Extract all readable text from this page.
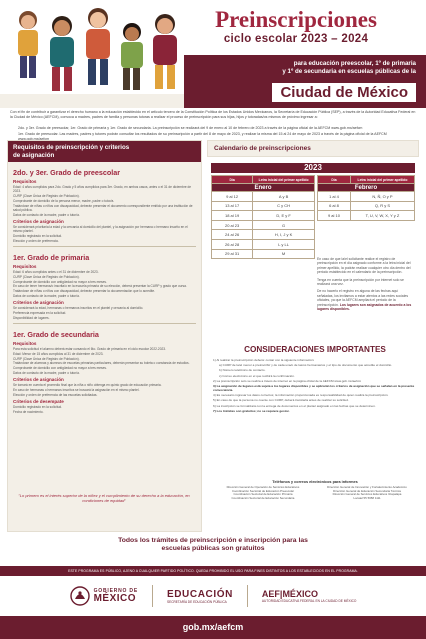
Preinscripciones
ciclo escolar 2023 – 2024
para educación preescolar, 1º de primaria
y 1º de secundaria en escuelas públicas de la
Ciudad de México
Con el fin de contribuir a garantizar el derecho humano a la educación establecido en el artículo tercero de la Constitución Política de los Estados Unidos Mexicanos, la Secretaría de Educación Pública (SEP), a través de la Autoridad Educativa Federal en la Ciudad de México (AEFCM), convoca a madres, padres de familia y personas tutoras a realizar el proceso de preinscripción para sus hijas, hijos y tutoradas/os mismos de próximo ingresar a:
2do. y 3er. Grado de preescolar, 1er. Grado de primaria y 1er. Grado de secundaria. La preinscripción se realizará del 9 de enero al 10 de febrero de 2023 a través de la página oficial de la AEFCM www.gob.mx/aefcm
1er. Grado de preescolar. Las madres, padres y tutores podrán consultar los resultados de su preinscripción a partir del 8 de mayo de 2023, y realizar la misma del 15 al 24 de mayo de 2023 a través de la página oficial de la AEFCM www.gob.mx/aefcm
Requisitos de preinscripción y criterios
de asignación
2do. y 3er. Grado de preescolar
Requisitos
Edad: 4 años cumplidos para 2do. Grado y 5 años cumplidos para 3er. Grado, en ambos casos, antes o el 31 de diciembre de 2023.
CURP (Clave Única de Registro de Población).
Comprobante de domicilio de la persona menor, madre, padre o tutor/a.
Tratándose de niñas o niños con discapacidad, deberán presentar el documento correspondiente emitido por una institución de salud pública.
Datos de contacto de la madre, padre o tutor/a.
Criterios de asignación
Se considerará prioritaria la edad y la cercanía al domicilio del plantel, y la asignación por hermana o hermano inscrito en el mismo plantel.
Domicilio registrado en la solicitud.
Elección y orden de preferencia.
1er. Grado de primaria
Requisitos
Edad: 6 años cumplidos antes o el 31 de diciembre de 2023.
CURP (Clave Única de Registro de Población).
Comprobante de domicilio con antigüedad no mayor a tres meses.
En caso de tener hermana/o inscrita/o en la escuela primaria de su elección, deberá presentar la CURP y grado que cursa.
Tratándose de niñas o niños con discapacidad, deberán presentar la documentación que lo acredite.
Datos de contacto de la madre, padre o tutor/a.
Criterios de asignación
Se considerará la edad, hermanas o hermanos inscritos en el plantel y cercanía al domicilio.
Preferencia expresada en la solicitud.
Disponibilidad de lugares.
1er. Grado de secundaria
Requisitos
Para esta solicitud el alumno deberá estar cursando el 6to. Grado de primaria en el ciclo escolar 2022-2023.
Edad: Menor de 15 años cumplidos al 31 de diciembre de 2023.
CURP (Clave Única de Registro de Población).
Tratándose de alumnas y alumnos de escuelas primarias particulares, deberán presentar su boleta o constancia de estudios.
Comprobante de domicilio con antigüedad no mayor a tres meses.
Datos de contacto de la madre, padre o tutor/a.
Criterios de asignación
Se tomará en cuenta el promedio final que la niña o niño obtenga en quinto grado de educación primaria.
En caso de hermanas o hermanos inscritos se buscará la asignación en el mismo plantel.
Elección y orden de preferencia de las escuelas solicitadas.
Criterios de desempate
Domicilio registrado en la solicitud.
Fecha de nacimiento.
Calendario de preinscripciones
2023
Día	Letra inicial del primer apellido
Enero	
9 al 12	A y B
13 al 17	C y CH
18 al 19	D, E y F
20 al 23	G
24 al 26	H, I, J y K
26 al 28	L y LL
29 al 31	M
Día	Letra inicial del primer apellido
Febrero	
1 al 4	N, Ñ, O y P
6 al 8	Q, R y S
9 al 10	T, U, V, W, X, Y y Z
En caso de que la/el solicitante realice el registro de preinscripción en el día asignado conforme a la letra inicial del primer apellido, la podrán realizar cualquier otro día dentro del periodo establecido en el calendario de la preinscripción.
Tenga en cuenta que la preinscripción por internet solo se realizará una vez.
De no hacerlo el registro en alguna de las fechas aquí señaladas, los invitamos a estar atentos a las redes sociales oficiales, ya que la AEFCM ampliará el periodo de la preinscripción. Los lugares son asignados de acuerdo a los lugares disponibles.
CONSIDERACIONES IMPORTANTES
1) Al realizar la preinscripción deberá: contar con la siguiente información:
a) CURP de la/el menor a preinscribir y de cada una/o de las/os hermanas/os y el tipo de documento que acredite el domicilio.
b) Número telefónico de contacto.
c) Correo electrónico en el que recibirá la confirmación.
2) La preinscripción solo se realiza a través de internet en la página oficial de la AEFCM www.gob.mx/aefcm
3) La asignación de lugares está sujeta a los lugares disponibles y se aplicarán los criterios de asignación que se señalan en la presente convocatoria.
4) Es necesario ingresar los datos correctos; la información proporcionada es responsabilidad de quien realiza la preinscripción.
5) En caso de que la persona no cuente con CURP, deberá tramitarla antes de realizar su solicitud.
6) La inscripción se formalizará con la entrega de documentos en el plantel asignado en las fechas que se determinen.
7) Los trámites son gratuitos; no se requiere gestor.
Teléfonos y correos electrónicos para informes
Dirección General de Operación de Servicios Educativos
Coordinación Sectorial de Educación Preescolar
Coordinación Sectorial de Educación Primaria
Coordinación Sectorial de Educación Secundaria
Dirección General de Innovación y Fortalecimiento Académico
Dirección General de Educación Secundaria Técnica
Dirección General de Servicios Educativos Iztapalapa
Locatel 55 5658 1111
"Lo primero es el interés superior de la niñez y el cumplimiento de su derecho a la educación, en condiciones de equidad"
Todos los trámites de preinscripción e inscripción para las
escuelas públicas son gratuitos
ESTE PROGRAMA ES PÚBLICO, AJENO A CUALQUIER PARTIDO POLÍTICO. QUEDA PROHIBIDO EL USO PARA FINES DISTINTOS A LOS ESTABLECIDOS EN EL PROGRAMA.
GOBIERNO DE
MÉXICO	EDUCACIÓN
SECRETARÍA DE EDUCACIÓN PÚBLICA
AEF|MÉXICO
AUTORIDAD EDUCATIVA FEDERAL EN LA CIUDAD DE MÉXICO
gob.mx/aefcm
